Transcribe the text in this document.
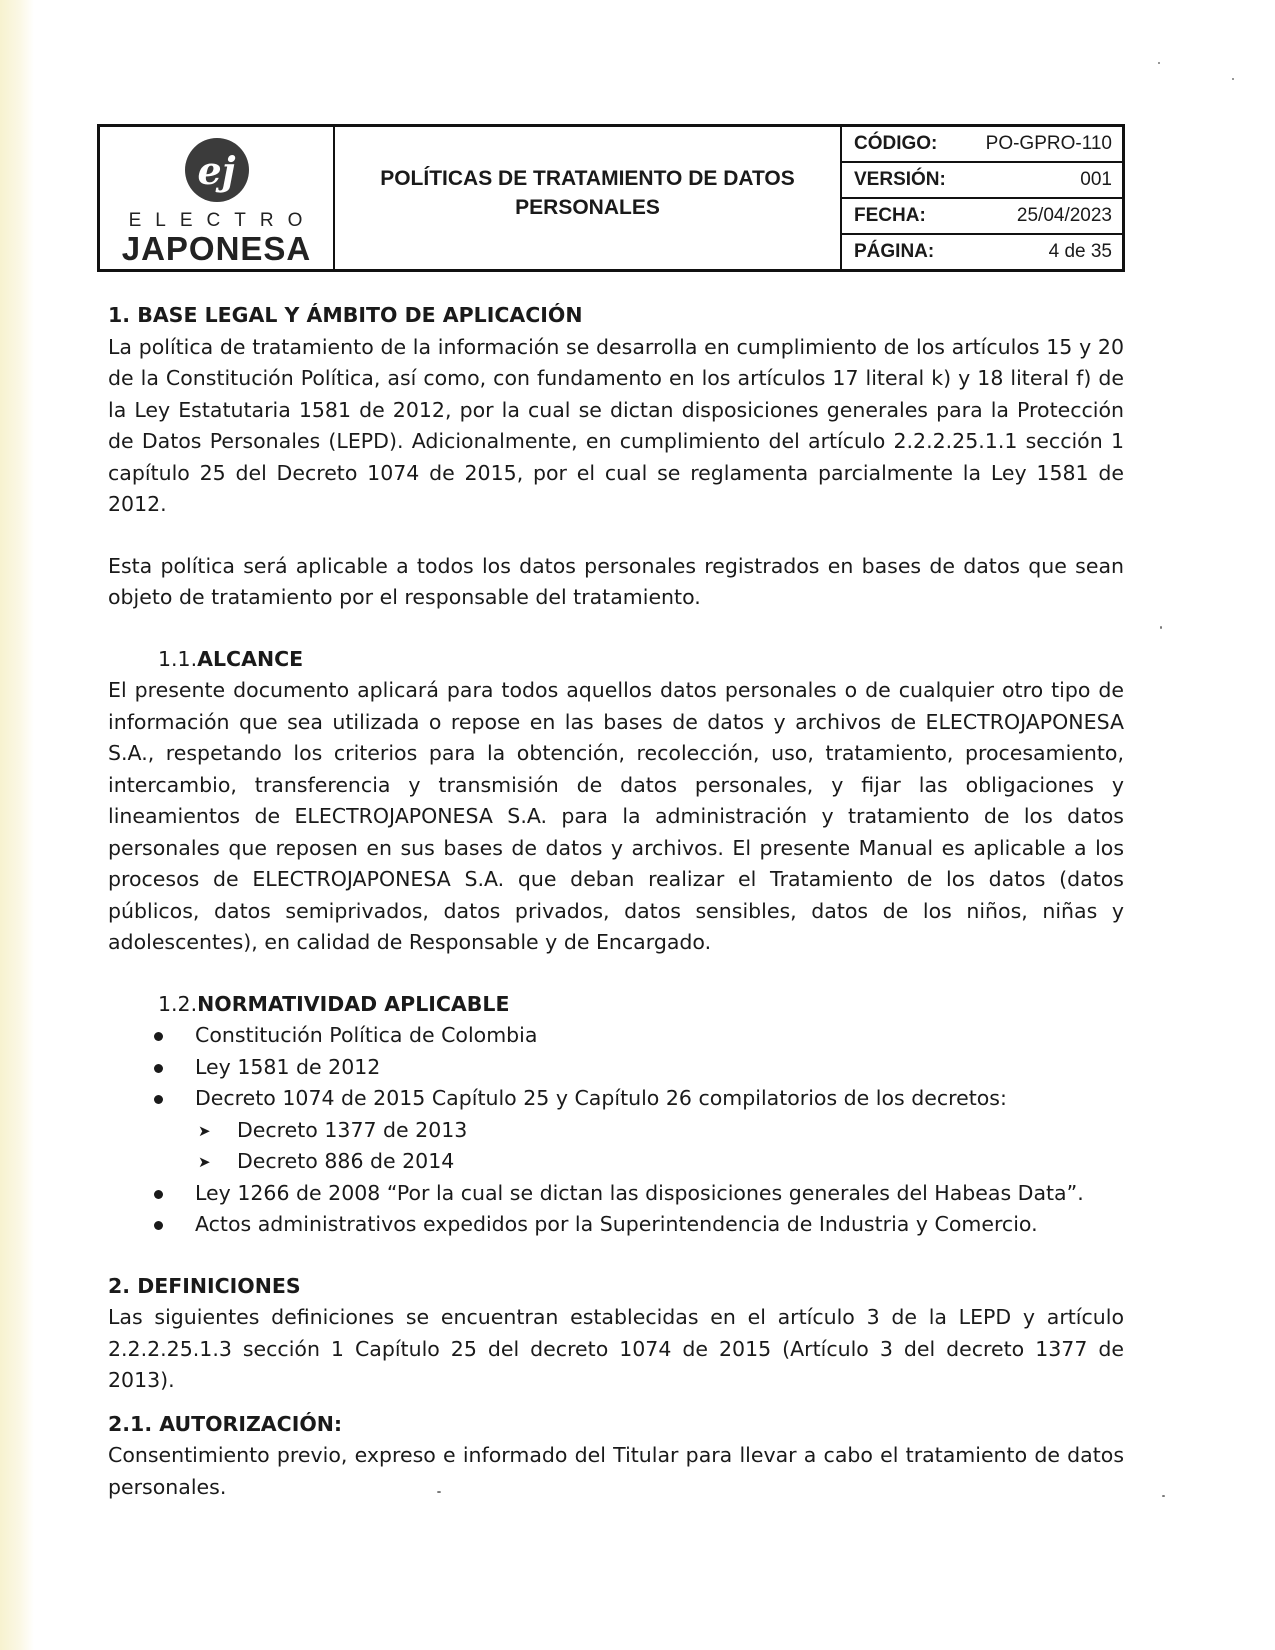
ej
ELECTRO
JAPONESA
POLÍTICAS DE TRATAMIENTO DE DATOS
PERSONALES
CÓDIGO:	PO-GPRO-110
VERSIÓN:	001
FECHA:	25/04/2023
PÁGINA:	4 de 35

1. BASE LEGAL Y ÁMBITO DE APLICACIÓN

La política de tratamiento de la información se desarrolla en cumplimiento de los artículos 15 y 20 de la Constitución Política, así como, con fundamento en los artículos 17 literal k) y 18 literal f) de la Ley Estatutaria 1581 de 2012, por la cual se dictan disposiciones generales para la Protección de Datos Personales (LEPD). Adicionalmente, en cumplimiento del artículo 2.2.2.25.1.1 sección 1 capítulo 25 del Decreto 1074 de 2015, por el cual se reglamenta parcialmente la Ley 1581 de 2012.

Esta política será aplicable a todos los datos personales registrados en bases de datos que sean objeto de tratamiento por el responsable del tratamiento.

1.1.ALCANCE

El presente documento aplicará para todos aquellos datos personales o de cualquier otro tipo de información que sea utilizada o repose en las bases de datos y archivos de ELECTROJAPONESA S.A., respetando los criterios para la obtención, recolección, uso, tratamiento, procesamiento, intercambio, transferencia y transmisión de datos personales, y fijar las obligaciones y lineamientos de ELECTROJAPONESA S.A. para la administración y tratamiento de los datos personales que reposen en sus bases de datos y archivos. El presente Manual es aplicable a los procesos de ELECTROJAPONESA S.A. que deban realizar el Tratamiento de los datos (datos públicos, datos semiprivados, datos privados, datos sensibles, datos de los niños, niñas y adolescentes), en calidad de Responsable y de Encargado.

1.2.NORMATIVIDAD APLICABLE

Constitución Política de Colombia
Ley 1581 de 2012
Decreto 1074 de 2015 Capítulo 25 y Capítulo 26 compilatorios de los decretos:
➤ Decreto 1377 de 2013
➤ Decreto 886 de 2014
Ley 1266 de 2008 “Por la cual se dictan las disposiciones generales del Habeas Data”.
Actos administrativos expedidos por la Superintendencia de Industria y Comercio.

2. DEFINICIONES

Las siguientes definiciones se encuentran establecidas en el artículo 3 de la LEPD y artículo 2.2.2.25.1.3 sección 1 Capítulo 25 del decreto 1074 de 2015 (Artículo 3 del decreto 1377 de 2013).

2.1. AUTORIZACIÓN:

Consentimiento previo, expreso e informado del Titular para llevar a cabo el tratamiento de datos personales.
